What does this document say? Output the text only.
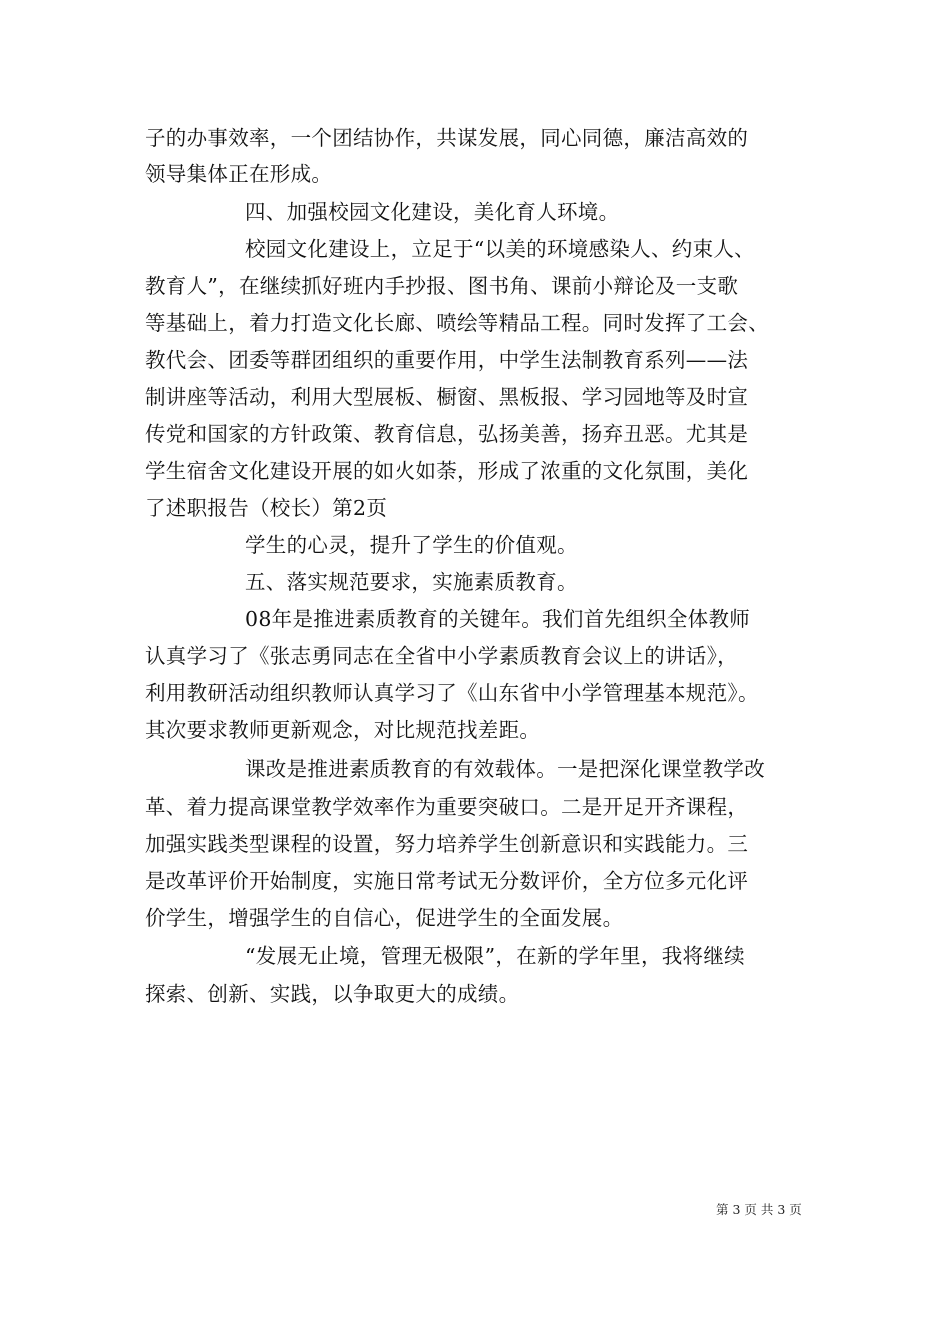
子的办事效率，一个团结协作，共谋发展，同心同德，廉洁高效的
领导集体正在形成。
四、加强校园文化建设，美化育人环境。
校园文化建设上，立足于“以美的环境感染人、约束人、
教育人”，在继续抓好班内手抄报、图书角、课前小辩论及一支歌
等基础上，着力打造文化长廊、喷绘等精品工程。同时发挥了工会、
教代会、团委等群团组织的重要作用，中学生法制教育系列——法
制讲座等活动，利用大型展板、橱窗、黑板报、学习园地等及时宣
传党和国家的方针政策、教育信息，弘扬美善，扬弃丑恶。尤其是
学生宿舍文化建设开展的如火如荼，形成了浓重的文化氛围，美化
了述职报告（校长）第2页
学生的心灵，提升了学生的价值观。
五、落实规范要求，实施素质教育。
08年是推进素质教育的关键年。我们首先组织全体教师
认真学习了《张志勇同志在全省中小学素质教育会议上的讲话》，
利用教研活动组织教师认真学习了《山东省中小学管理基本规范》。
其次要求教师更新观念，对比规范找差距。
课改是推进素质教育的有效载体。一是把深化课堂教学改
革、着力提高课堂教学效率作为重要突破口。二是开足开齐课程，
加强实践类型课程的设置，努力培养学生创新意识和实践能力。三
是改革评价开始制度，实施日常考试无分数评价，全方位多元化评
价学生，增强学生的自信心，促进学生的全面发展。
“发展无止境，管理无极限”，在新的学年里，我将继续
探索、创新、实践，以争取更大的成绩。
第 3 页 共 3 页
